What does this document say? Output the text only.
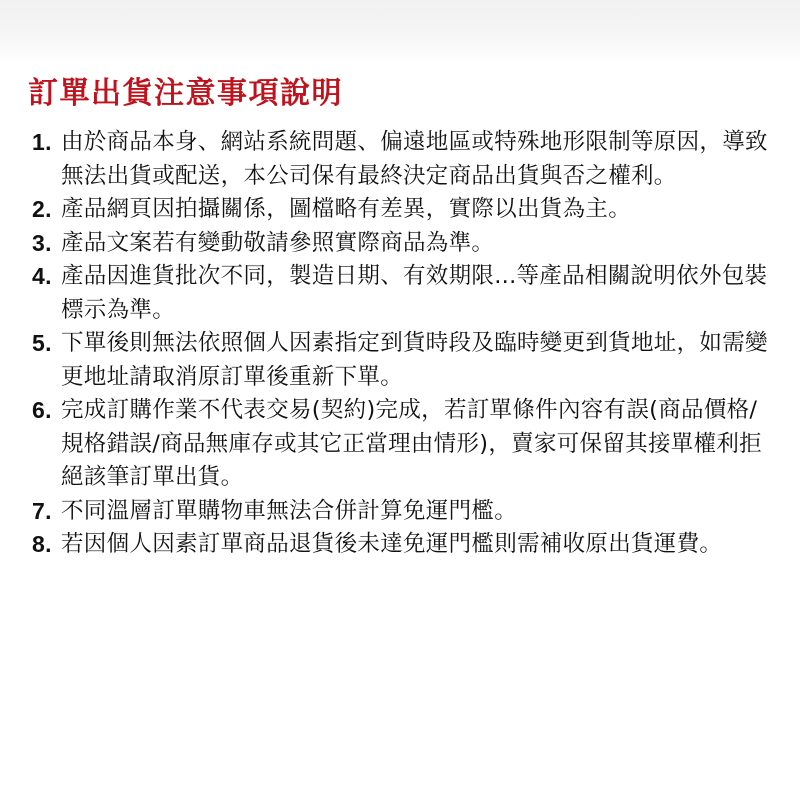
訂單出貨注意事項說明
1. 由於商品本身、網站系統問題、偏遠地區或特殊地形限制等原因，導致無法出貨或配送，本公司保有最終決定商品出貨與否之權利。
2. 產品網頁因拍攝關係，圖檔略有差異，實際以出貨為主。
3. 產品文案若有變動敬請參照實際商品為準。
4. 產品因進貨批次不同，製造日期、有效期限...等產品相關說明依外包裝標示為準。
5. 下單後則無法依照個人因素指定到貨時段及臨時變更到貨地址，如需變更地址請取消原訂單後重新下單。
6. 完成訂購作業不代表交易(契約)完成，若訂單條件內容有誤(商品價格/規格錯誤/商品無庫存或其它正當理由情形)，賣家可保留其接單權利拒絕該筆訂單出貨。
7. 不同溫層訂單購物車無法合併計算免運門檻。
8. 若因個人因素訂單商品退貨後未達免運門檻則需補收原出貨運費。
